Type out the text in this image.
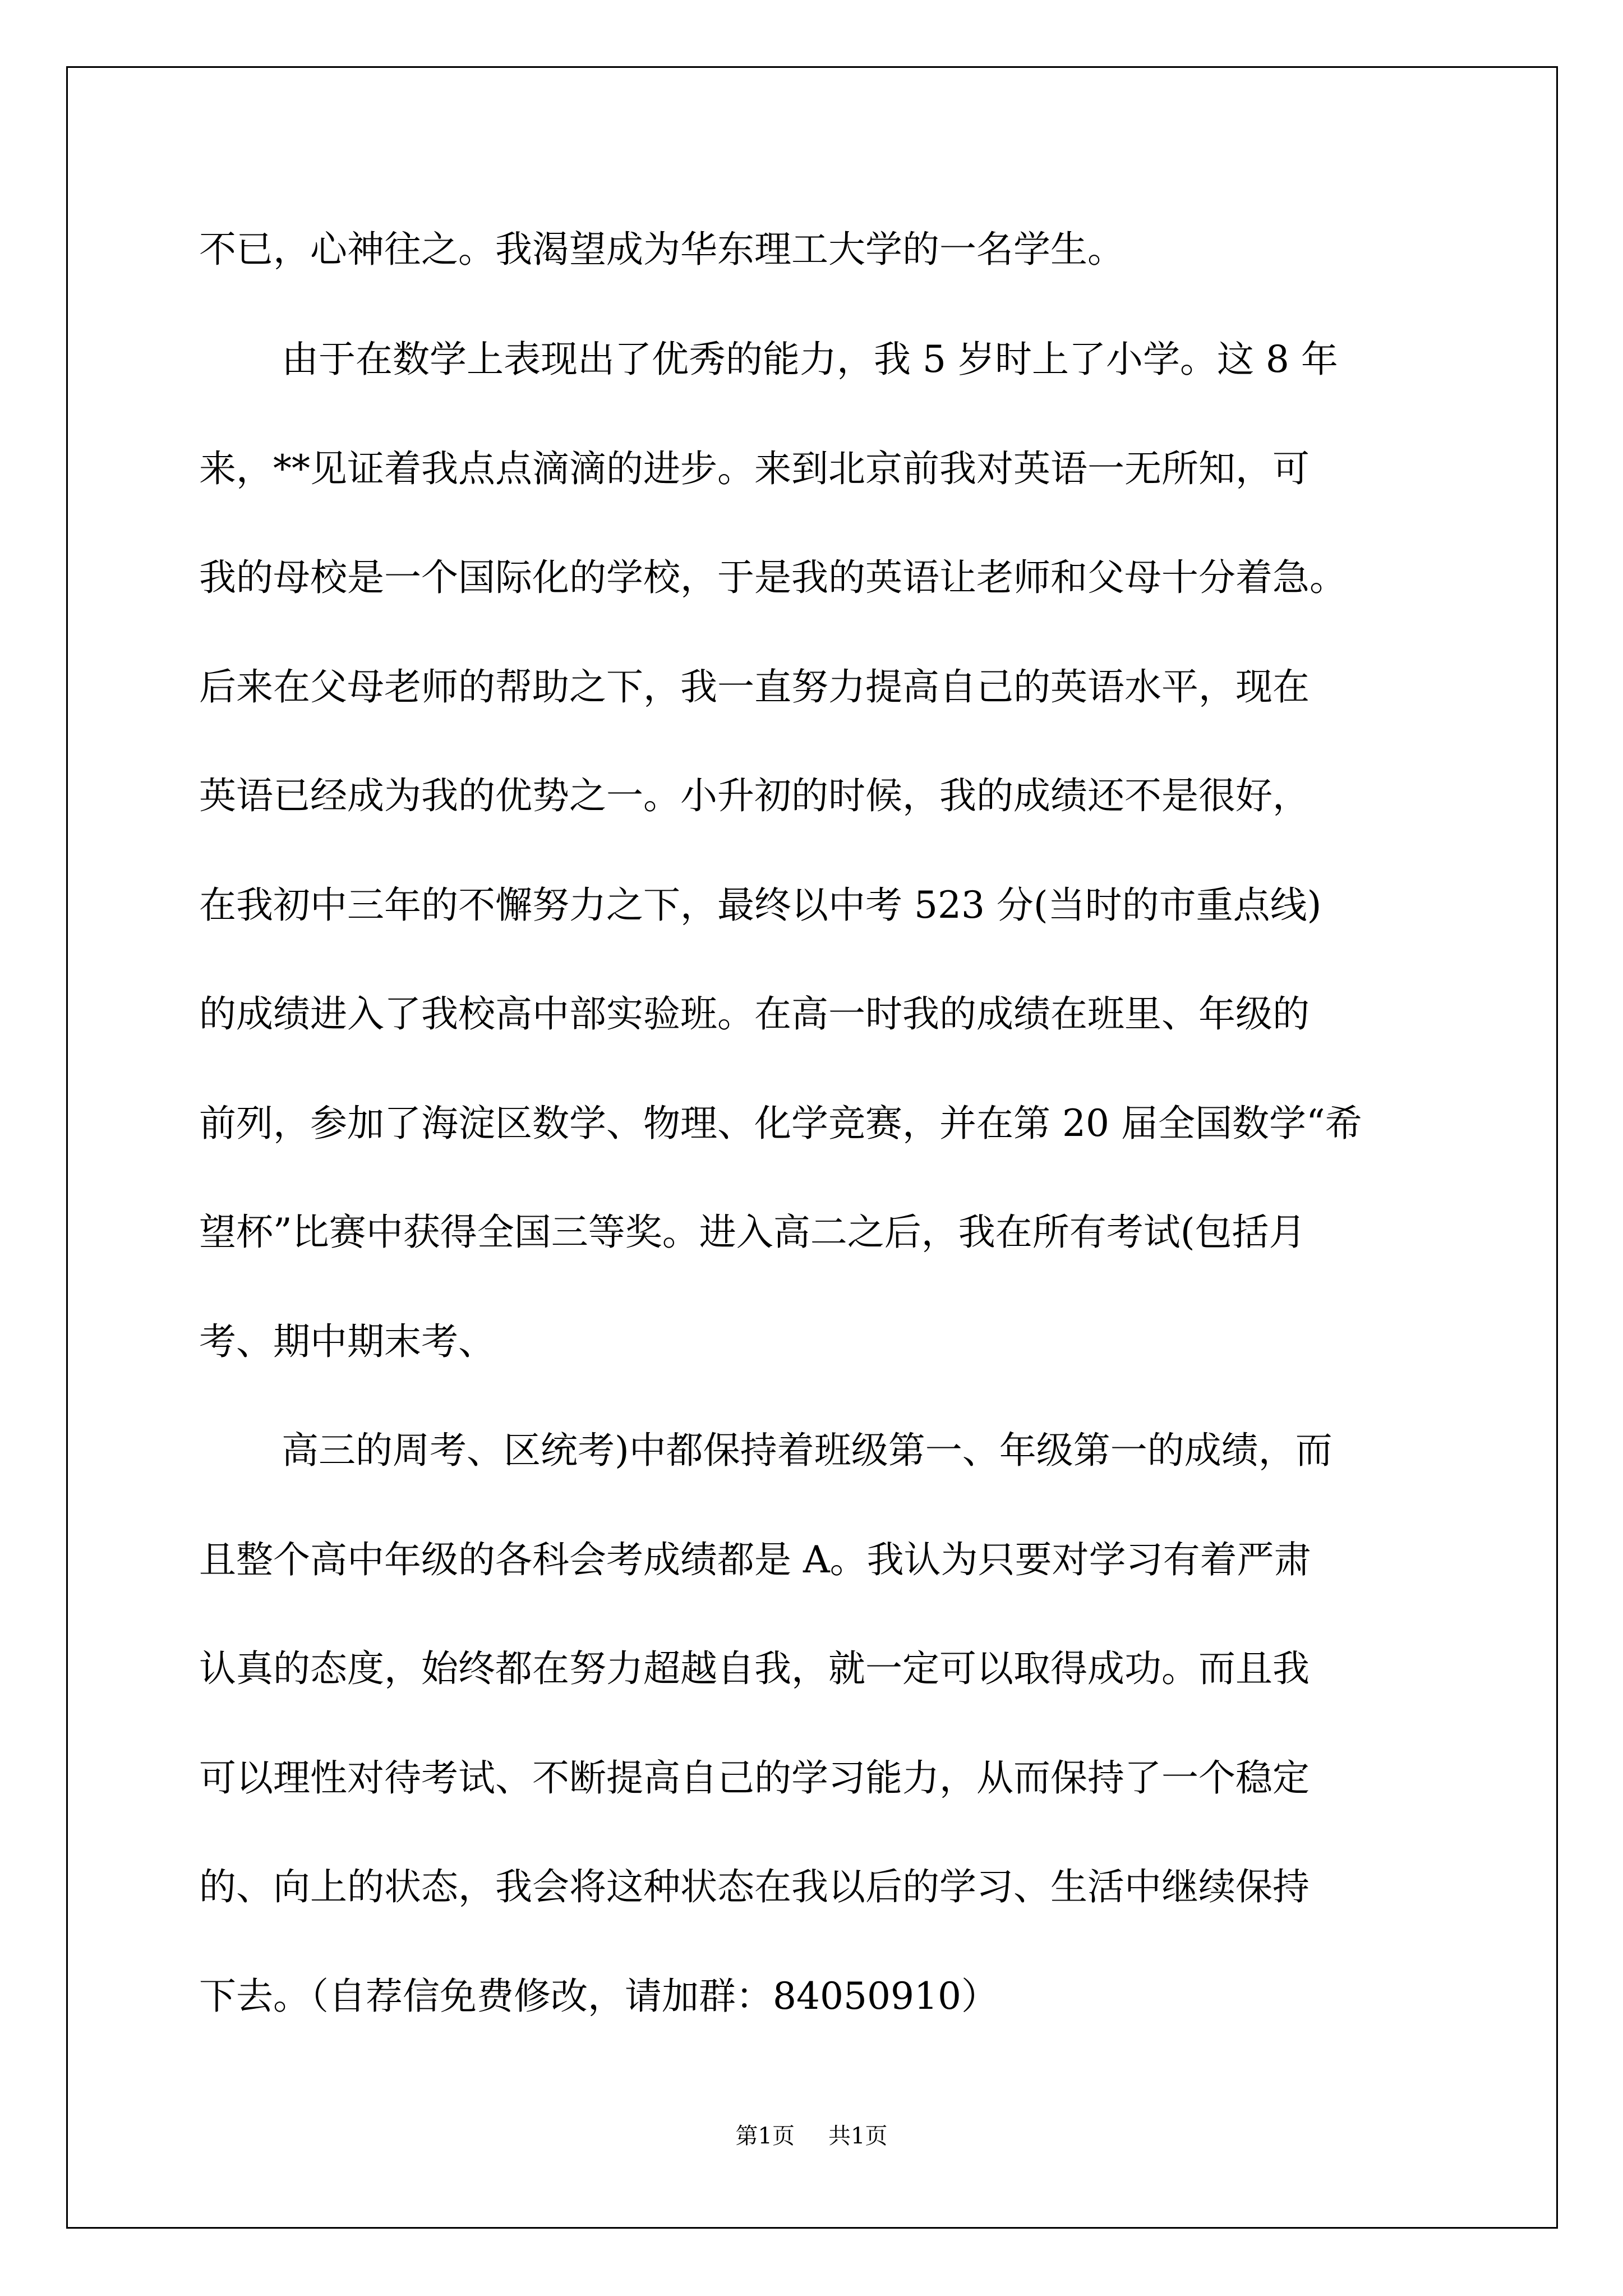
不已，心神往之。我渴望成为华东理工大学的一名学生。

由于在数学上表现出了优秀的能力，我 5 岁时上了小学。这 8 年

来，**见证着我点点滴滴的进步。来到北京前我对英语一无所知，可

我的母校是一个国际化的学校，于是我的英语让老师和父母十分着急。

后来在父母老师的帮助之下，我一直努力提高自己的英语水平，现在

英语已经成为我的优势之一。小升初的时候，我的成绩还不是很好，

在我初中三年的不懈努力之下，最终以中考 523 分(当时的市重点线)

的成绩进入了我校高中部实验班。在高一时我的成绩在班里、年级的

前列，参加了海淀区数学、物理、化学竞赛，并在第 20 届全国数学“希

望杯”比赛中获得全国三等奖。进入高二之后，我在所有考试(包括月

考、期中期末考、

高三的周考、区统考)中都保持着班级第一、年级第一的成绩，而

且整个高中年级的各科会考成绩都是 A。我认为只要对学习有着严肃

认真的态度，始终都在努力超越自我，就一定可以取得成功。而且我

可以理性对待考试、不断提高自己的学习能力，从而保持了一个稳定

的、向上的状态，我会将这种状态在我以后的学习、生活中继续保持

下去。（自荐信免费修改，请加群：84050910）

第1页 共1页
